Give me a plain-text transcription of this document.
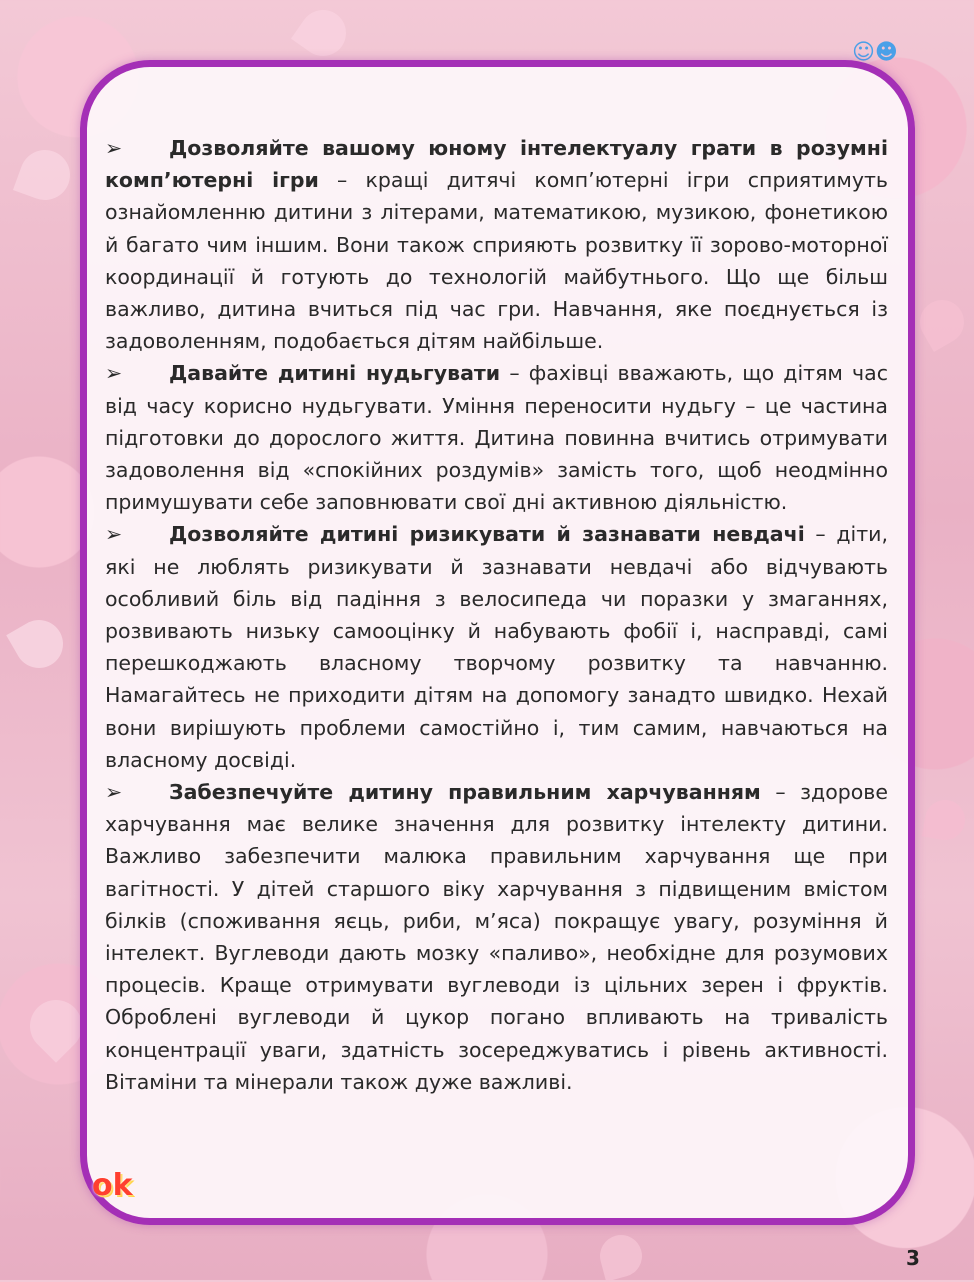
☺☻

➢ Дозволяйте вашому юному інтелектуалу грати в розумні комп’ютерні ігри – кращі дитячі комп’ютерні ігри сприятимуть ознайомленню дитини з літерами, математикою, музикою, фонетикою й багато чим іншим. Вони також сприяють розвитку її зорово-моторної координації й готують до технологій майбутнього. Що ще більш важливо, дитина вчиться під час гри. Навчання, яке поєднується із задоволенням, подобається дітям найбільше.

➢ Давайте дитині нудьгувати – фахівці вважають, що дітям час від часу корисно нудьгувати. Уміння переносити нудьгу – це частина підготовки до дорослого життя. Дитина повинна вчитись отримувати задоволення від «спокійних роздумів» замість того, щоб неодмінно примушувати себе заповнювати свої дні активною діяльністю.

➢ Дозволяйте дитині ризикувати й зазнавати невдачі – діти, які не люблять ризикувати й зазнавати невдачі або відчувають особливий біль від падіння з велосипеда чи поразки у змаганнях, розвивають низьку самооцінку й набувають фобії і, насправді, самі перешкоджають власному творчому розвитку та навчанню. Намагайтесь не приходити дітям на допомогу занадто швидко. Нехай вони вирішують проблеми самостійно і, тим самим, навчаються на власному досвіді.

➢ Забезпечуйте дитину правильним харчуванням – здорове харчування має велике значення для розвитку інтелекту дитини. Важливо забезпечити малюка правильним харчування ще при вагітності. У дітей старшого віку харчування з підвищеним вмістом білків (споживання яєць, риби, м’яса) покращує увагу, розуміння й інтелект. Вуглеводи дають мозку «паливо», необхідне для розумових процесів. Краще отримувати вуглеводи із цільних зерен і фруктів. Оброблені вуглеводи й цукор погано впливають на тривалість концентрації уваги, здатність зосереджуватись і рівень активності. Вітаміни та мінерали також дуже важливі.

ok
3
